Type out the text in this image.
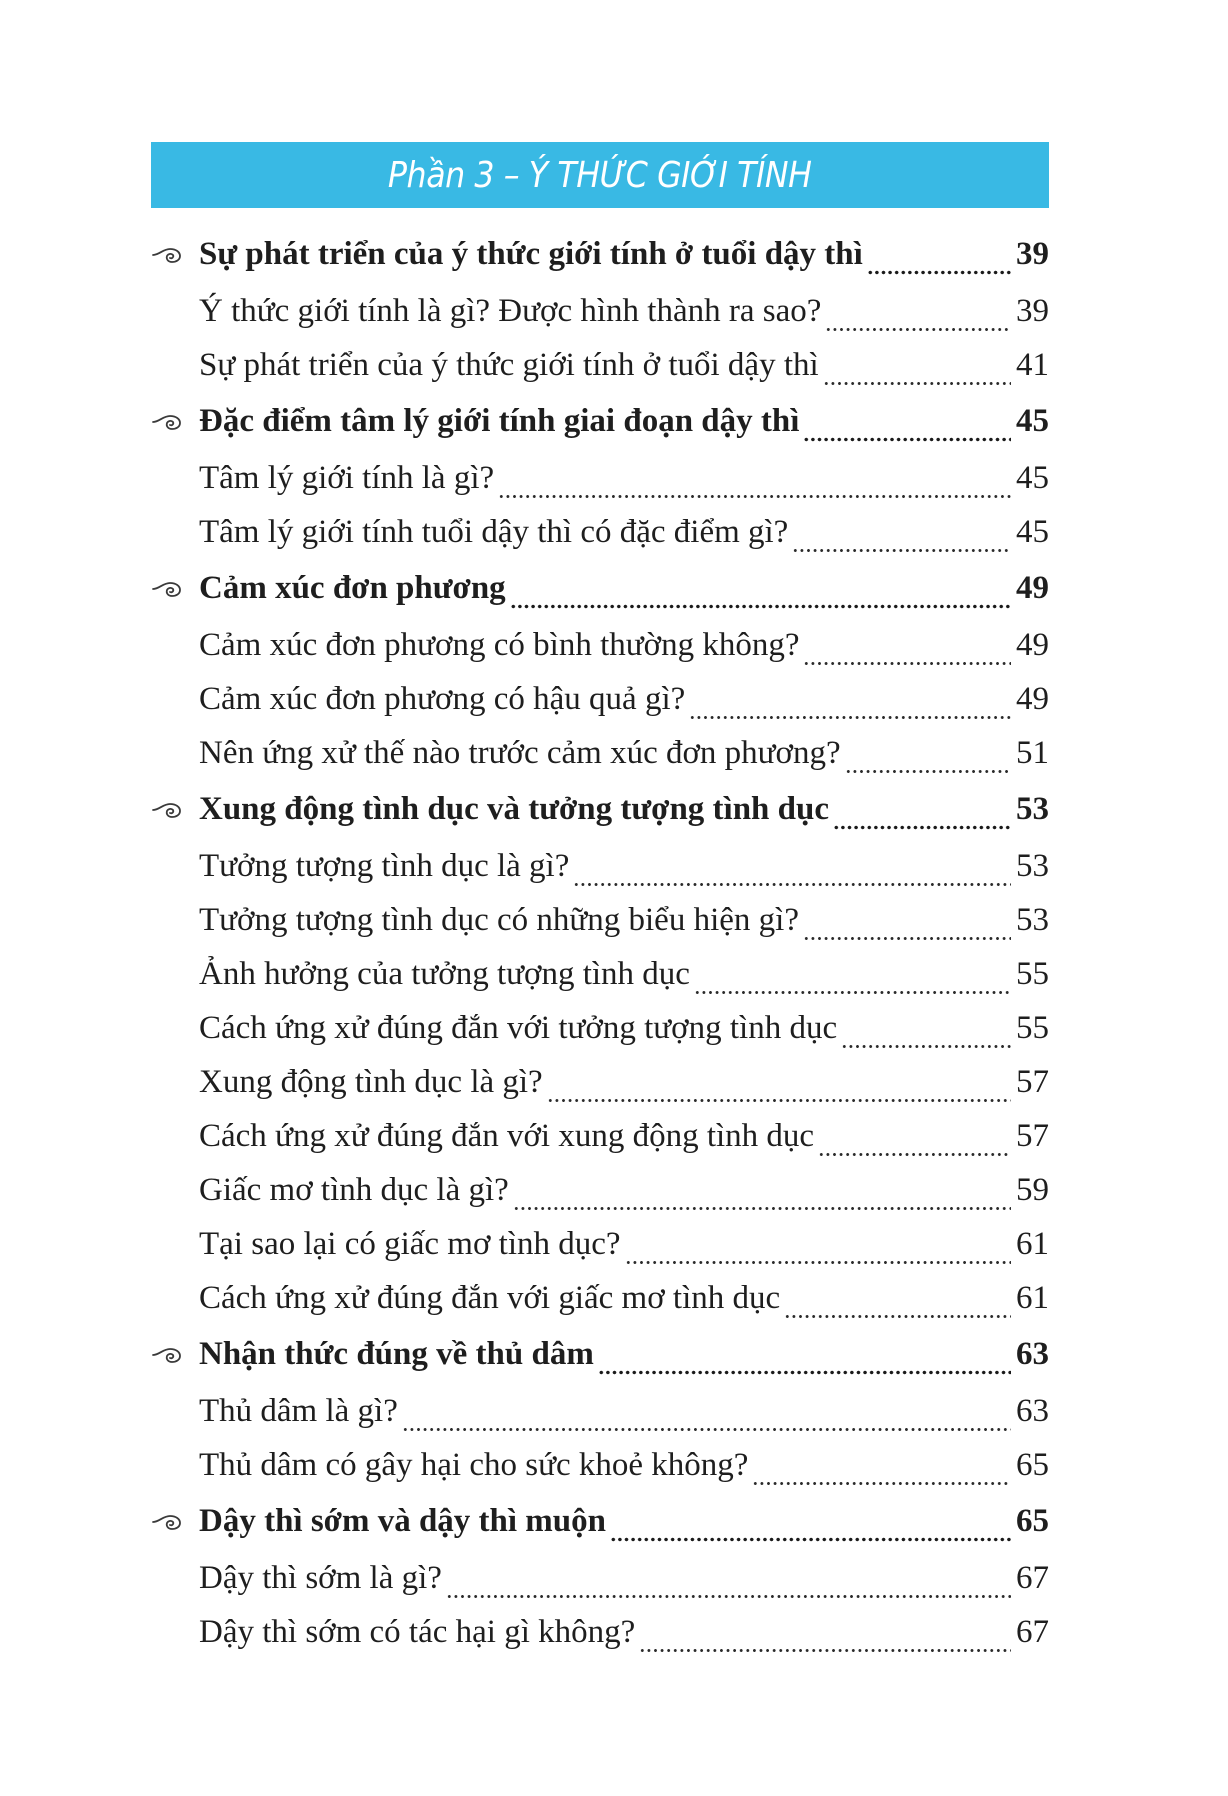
Phần 3 – Ý THỨC GIỚI TÍNH
Sự phát triển của ý thức giới tính ở tuổi dậy thì	39
Ý thức giới tính là gì? Được hình thành ra sao?	39
Sự phát triển của ý thức giới tính ở tuổi dậy thì	41
Đặc điểm tâm lý giới tính giai đoạn dậy thì	45
Tâm lý giới tính là gì?	45
Tâm lý giới tính tuổi dậy thì có đặc điểm gì?	45
Cảm xúc đơn phương	49
Cảm xúc đơn phương có bình thường không?	49
Cảm xúc đơn phương có hậu quả gì?	49
Nên ứng xử thế nào trước cảm xúc đơn phương?	51
Xung động tình dục và tưởng tượng tình dục	53
Tưởng tượng tình dục là gì?	53
Tưởng tượng tình dục có những biểu hiện gì?	53
Ảnh hưởng của tưởng tượng tình dục	55
Cách ứng xử đúng đắn với tưởng tượng tình dục	55
Xung động tình dục là gì?	57
Cách ứng xử đúng đắn với xung động tình dục	57
Giấc mơ tình dục là gì?	59
Tại sao lại có giấc mơ tình dục?	61
Cách ứng xử đúng đắn với giấc mơ tình dục	61
Nhận thức đúng về thủ dâm	63
Thủ dâm là gì?	63
Thủ dâm có gây hại cho sức khoẻ không?	65
Dậy thì sớm và dậy thì muộn	65
Dậy thì sớm là gì?	67
Dậy thì sớm có tác hại gì không?	67
